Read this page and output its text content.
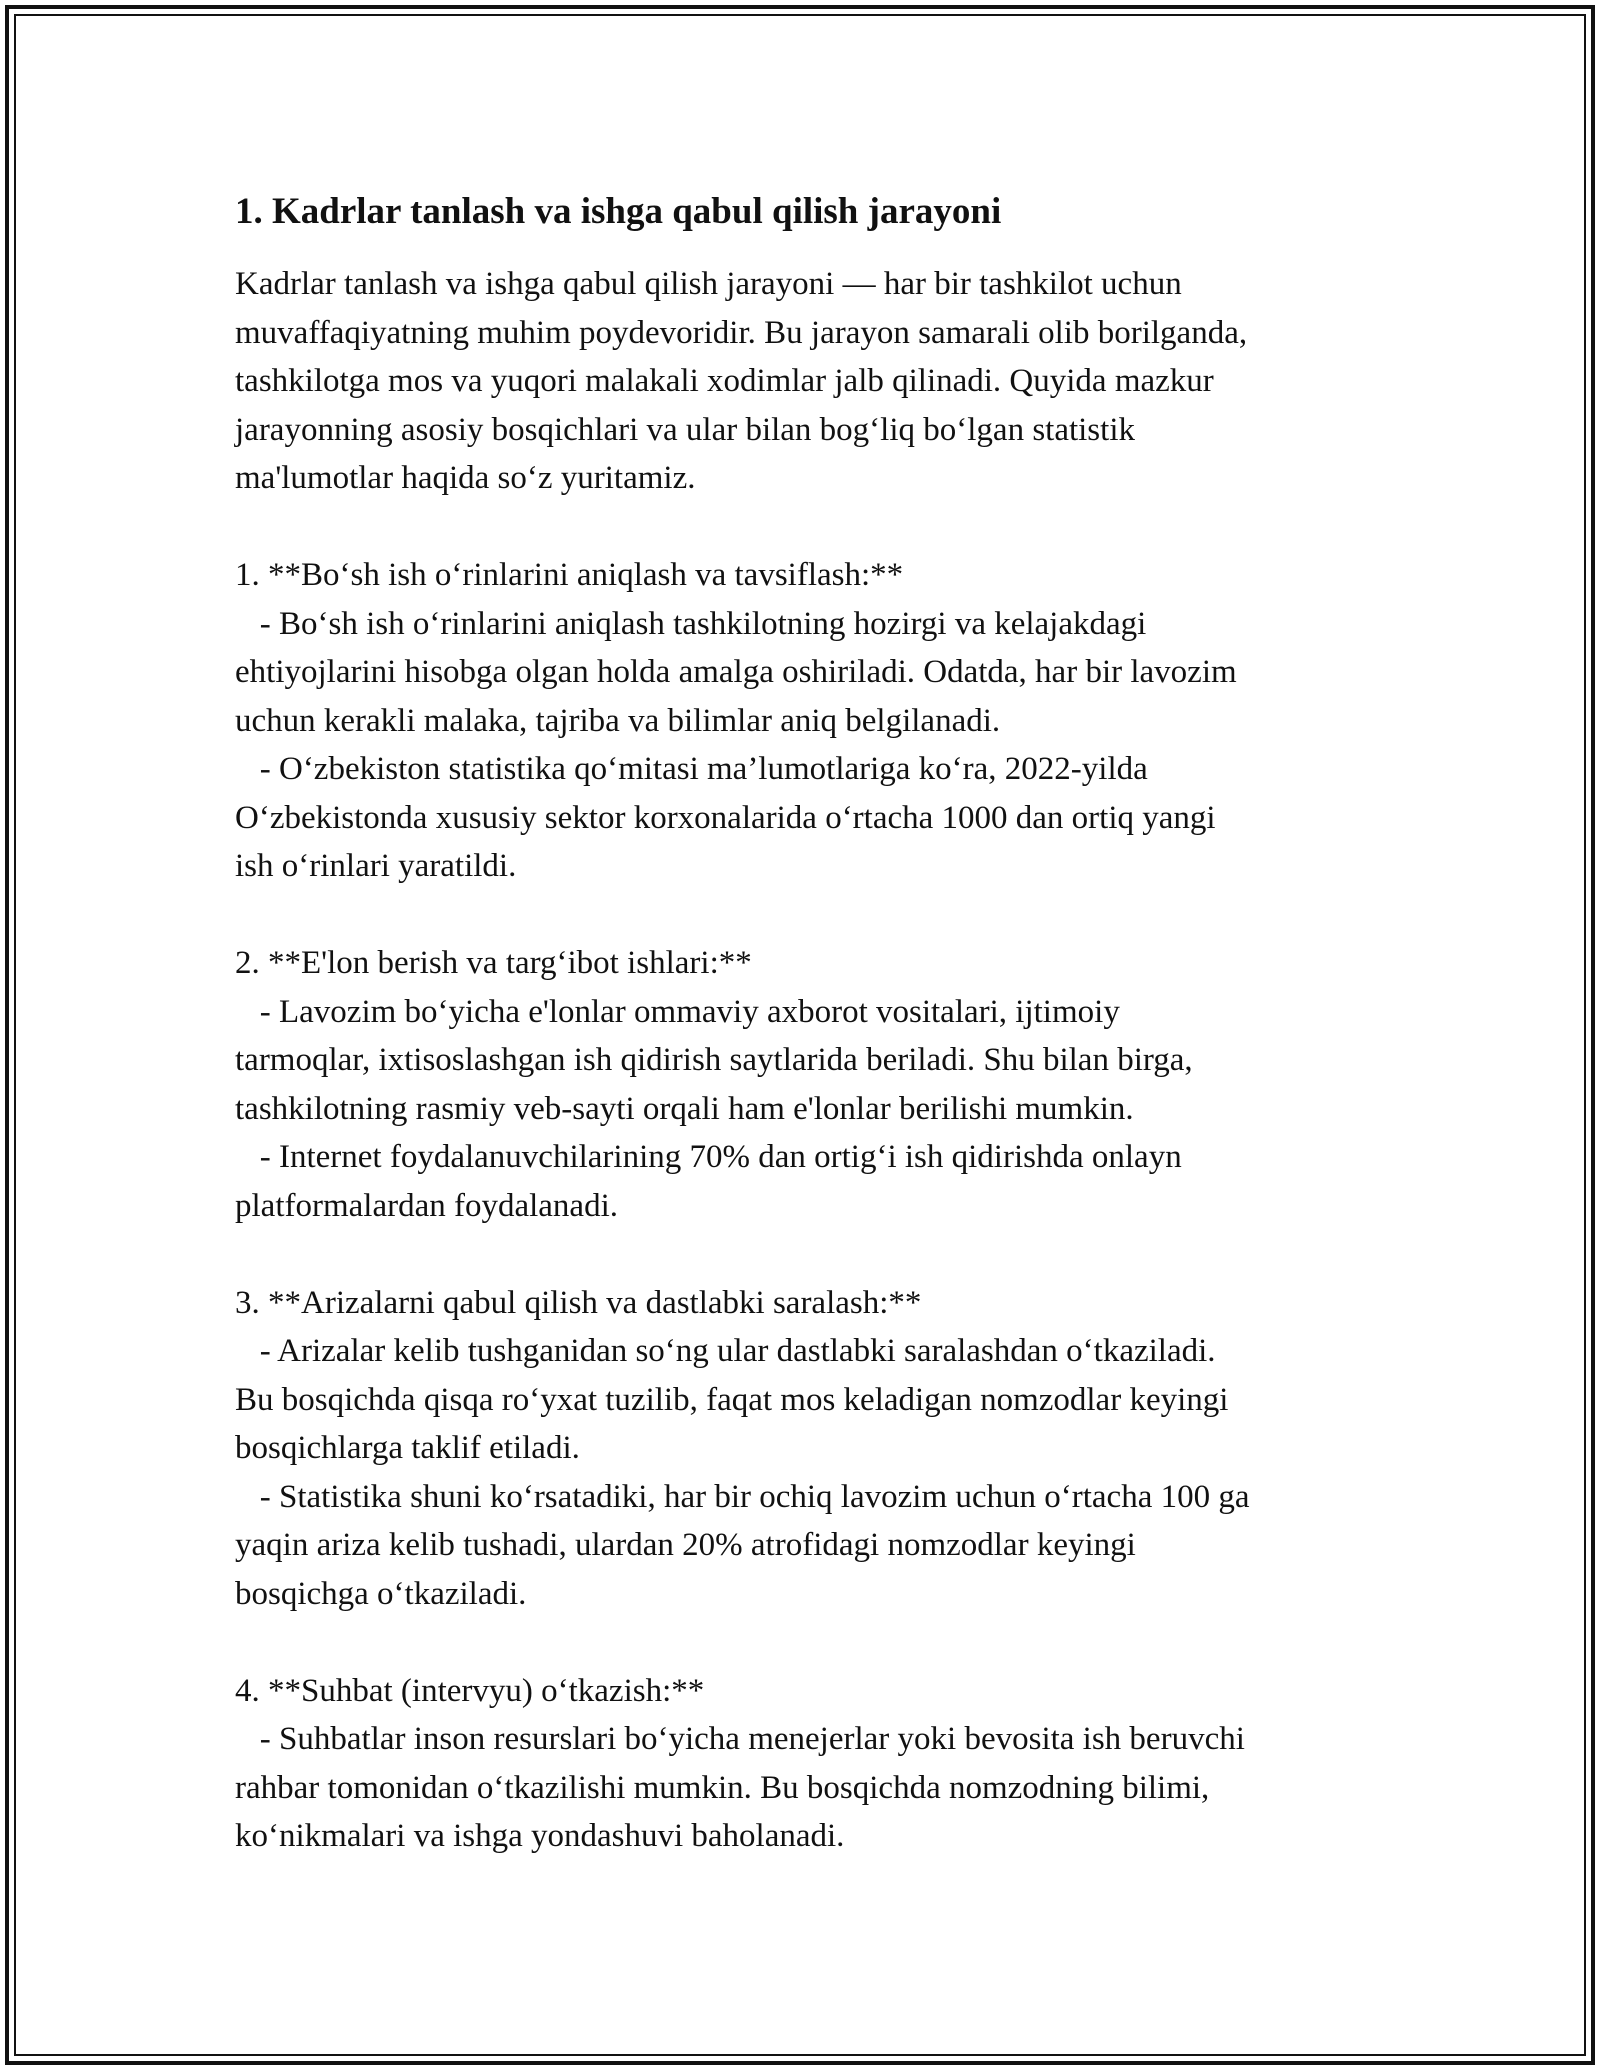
1. Kadrlar tanlash va ishga qabul qilish jarayoni

Kadrlar tanlash va ishga qabul qilish jarayoni — har bir tashkilot uchun

muvaffaqiyatning muhim poydevoridir. Bu jarayon samarali olib borilganda,

tashkilotga mos va yuqori malakali xodimlar jalb qilinadi. Quyida mazkur

jarayonning asosiy bosqichlari va ular bilan bog‘liq bo‘lgan statistik

ma'lumotlar haqida so‘z yuritamiz.

1. **Bo‘sh ish o‘rinlarini aniqlash va tavsiflash:**

- Bo‘sh ish o‘rinlarini aniqlash tashkilotning hozirgi va kelajakdagi

ehtiyojlarini hisobga olgan holda amalga oshiriladi. Odatda, har bir lavozim

uchun kerakli malaka, tajriba va bilimlar aniq belgilanadi.

- O‘zbekiston statistika qo‘mitasi ma’lumotlariga ko‘ra, 2022-yilda

O‘zbekistonda xususiy sektor korxonalarida o‘rtacha 1000 dan ortiq yangi

ish o‘rinlari yaratildi.

2. **E'lon berish va targ‘ibot ishlari:**

- Lavozim bo‘yicha e'lonlar ommaviy axborot vositalari, ijtimoiy

tarmoqlar, ixtisoslashgan ish qidirish saytlarida beriladi. Shu bilan birga,

tashkilotning rasmiy veb-sayti orqali ham e'lonlar berilishi mumkin.

- Internet foydalanuvchilarining 70% dan ortig‘i ish qidirishda onlayn

platformalardan foydalanadi.

3. **Arizalarni qabul qilish va dastlabki saralash:**

- Arizalar kelib tushganidan so‘ng ular dastlabki saralashdan o‘tkaziladi.

Bu bosqichda qisqa ro‘yxat tuzilib, faqat mos keladigan nomzodlar keyingi

bosqichlarga taklif etiladi.

- Statistika shuni ko‘rsatadiki, har bir ochiq lavozim uchun o‘rtacha 100 ga

yaqin ariza kelib tushadi, ulardan 20% atrofidagi nomzodlar keyingi

bosqichga o‘tkaziladi.

4. **Suhbat (intervyu) o‘tkazish:**

- Suhbatlar inson resurslari bo‘yicha menejerlar yoki bevosita ish beruvchi

rahbar tomonidan o‘tkazilishi mumkin. Bu bosqichda nomzodning bilimi,

ko‘nikmalari va ishga yondashuvi baholanadi.
